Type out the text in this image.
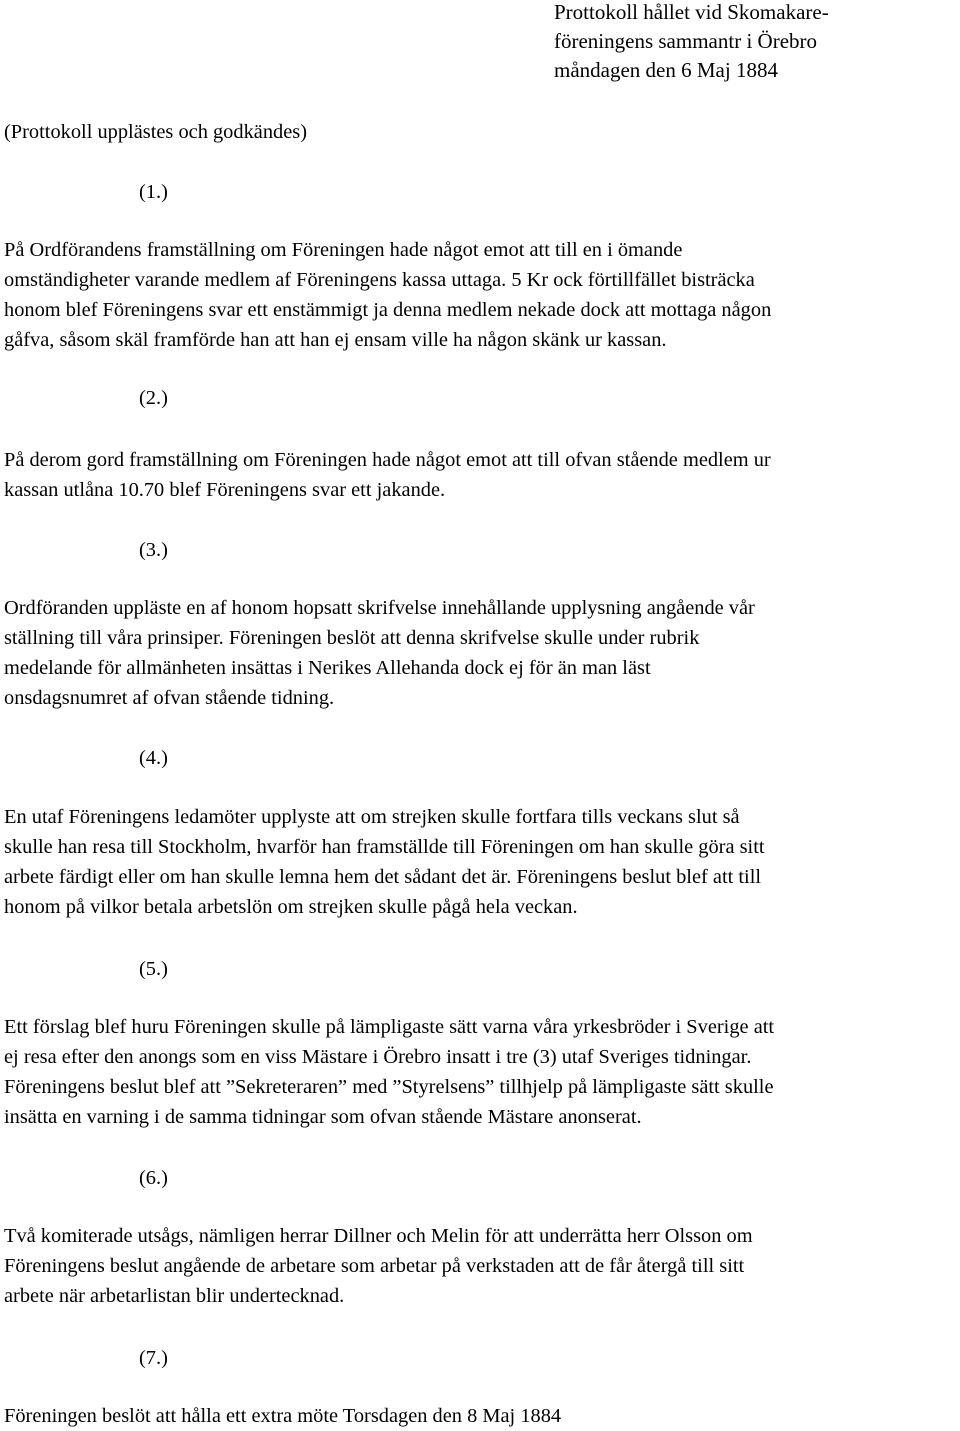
Prottokoll hållet vid Skomakare-
föreningens sammantr i Örebro
måndagen den 6 Maj 1884
(Prottokoll upplästes och godkändes)
(1.)
På Ordförandens framställning om Föreningen hade något emot att till en i ömande
omständigheter varande medlem af Föreningens kassa uttaga. 5 Kr ock förtillfället bisträcka
honom blef Föreningens svar ett enstämmigt ja denna medlem nekade dock att mottaga någon
gåfva, såsom skäl framförde han att han ej ensam ville ha någon skänk ur kassan.
(2.)
På derom gord framställning om Föreningen hade något emot att till ofvan stående medlem ur
kassan utlåna 10.70 blef Föreningens svar ett jakande.
(3.)
Ordföranden uppläste en af honom hopsatt skrifvelse innehållande upplysning angående vår
ställning till våra prinsiper. Föreningen beslöt att denna skrifvelse skulle under rubrik
medelande för allmänheten insättas i Nerikes Allehanda dock ej för än man läst
onsdagsnumret af ofvan stående tidning.
(4.)
En utaf Föreningens ledamöter upplyste att om strejken skulle fortfara tills veckans slut så
skulle han resa till Stockholm, hvarför han framställde till Föreningen om han skulle göra sitt
arbete färdigt eller om han skulle lemna hem det sådant det är. Föreningens beslut blef att till
honom på vilkor betala arbetslön om strejken skulle pågå hela veckan.
(5.)
Ett förslag blef huru Föreningen skulle på lämpligaste sätt varna våra yrkesbröder i Sverige att
ej resa efter den anongs som en viss Mästare i Örebro insatt i tre (3) utaf Sveriges tidningar.
Föreningens beslut blef att ”Sekreteraren” med ”Styrelsens” tillhjelp på lämpligaste sätt skulle
insätta en varning i de samma tidningar som ofvan stående Mästare anonserat.
(6.)
Två komiterade utsågs, nämligen herrar Dillner och Melin för att underrätta herr Olsson om
Föreningens beslut angående de arbetare som arbetar på verkstaden att de får återgå till sitt
arbete när arbetarlistan blir undertecknad.
(7.)
Föreningen beslöt att hålla ett extra möte Torsdagen den 8 Maj 1884
